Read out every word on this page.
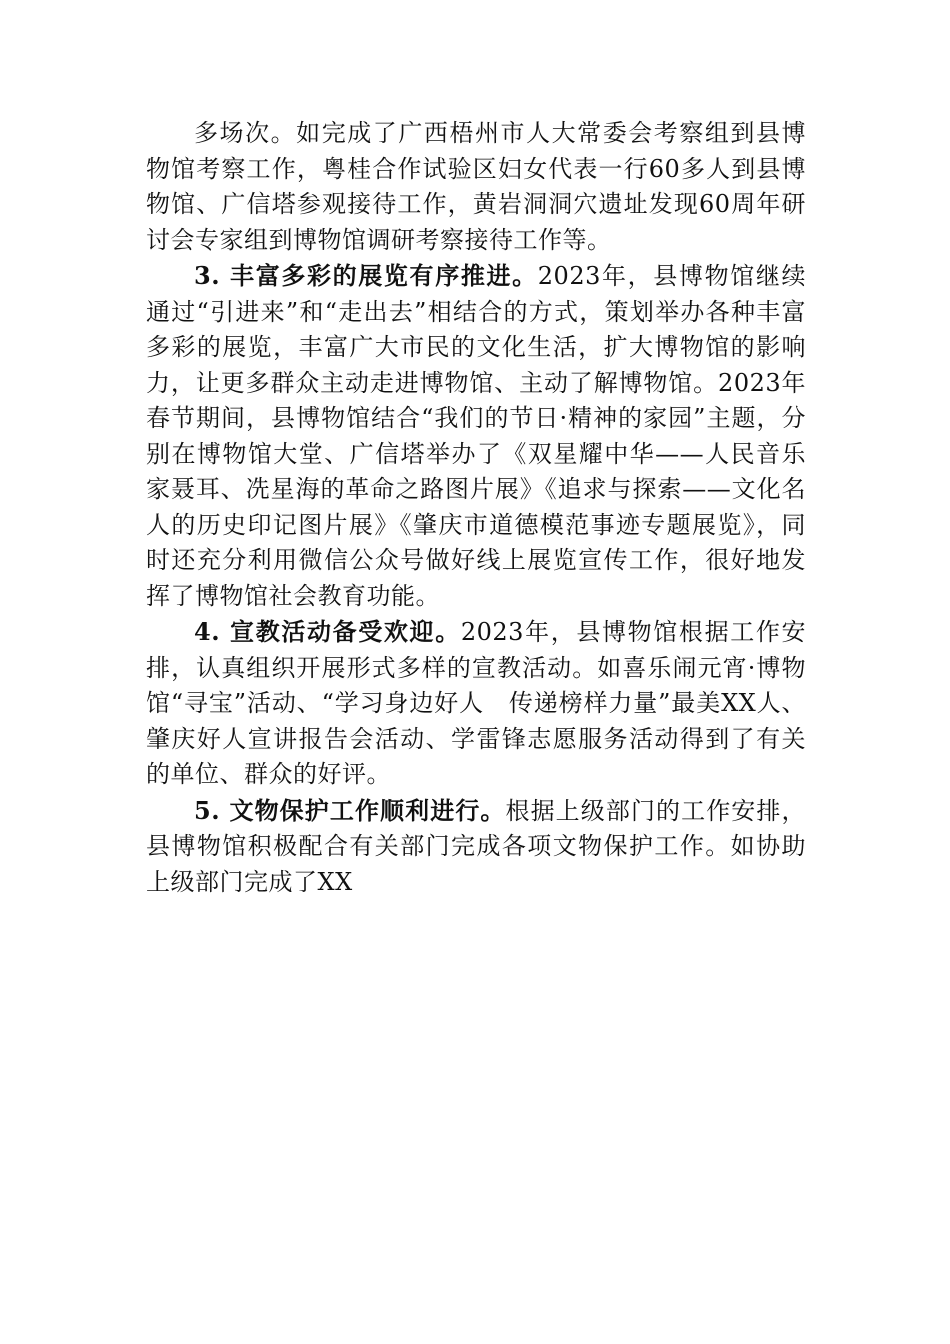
多场次。如完成了广西梧州市人大常委会考察组到县博物馆考察工作，粤桂合作试验区妇女代表一行60多人到县博物馆、广信塔参观接待工作，黄岩洞洞穴遗址发现60周年研讨会专家组到博物馆调研考察接待工作等。

3. 丰富多彩的展览有序推进。2023年，县博物馆继续通过“引进来”和“走出去”相结合的方式，策划举办各种丰富多彩的展览，丰富广大市民的文化生活，扩大博物馆的影响力，让更多群众主动走进博物馆、主动了解博物馆。2023年春节期间，县博物馆结合“我们的节日·精神的家园”主题，分别在博物馆大堂、广信塔举办了《双星耀中华——人民音乐家聂耳、冼星海的革命之路图片展》《追求与探索——文化名人的历史印记图片展》《肇庆市道德模范事迹专题展览》，同时还充分利用微信公众号做好线上展览宣传工作，很好地发挥了博物馆社会教育功能。

4. 宣教活动备受欢迎。2023年，县博物馆根据工作安排，认真组织开展形式多样的宣教活动。如喜乐闹元宵·博物馆“寻宝”活动、“学习身边好人　传递榜样力量”最美XX人、肇庆好人宣讲报告会活动、学雷锋志愿服务活动得到了有关的单位、群众的好评。

5. 文物保护工作顺利进行。根据上级部门的工作安排，县博物馆积极配合有关部门完成各项文物保护工作。如协助上级部门完成了XX
